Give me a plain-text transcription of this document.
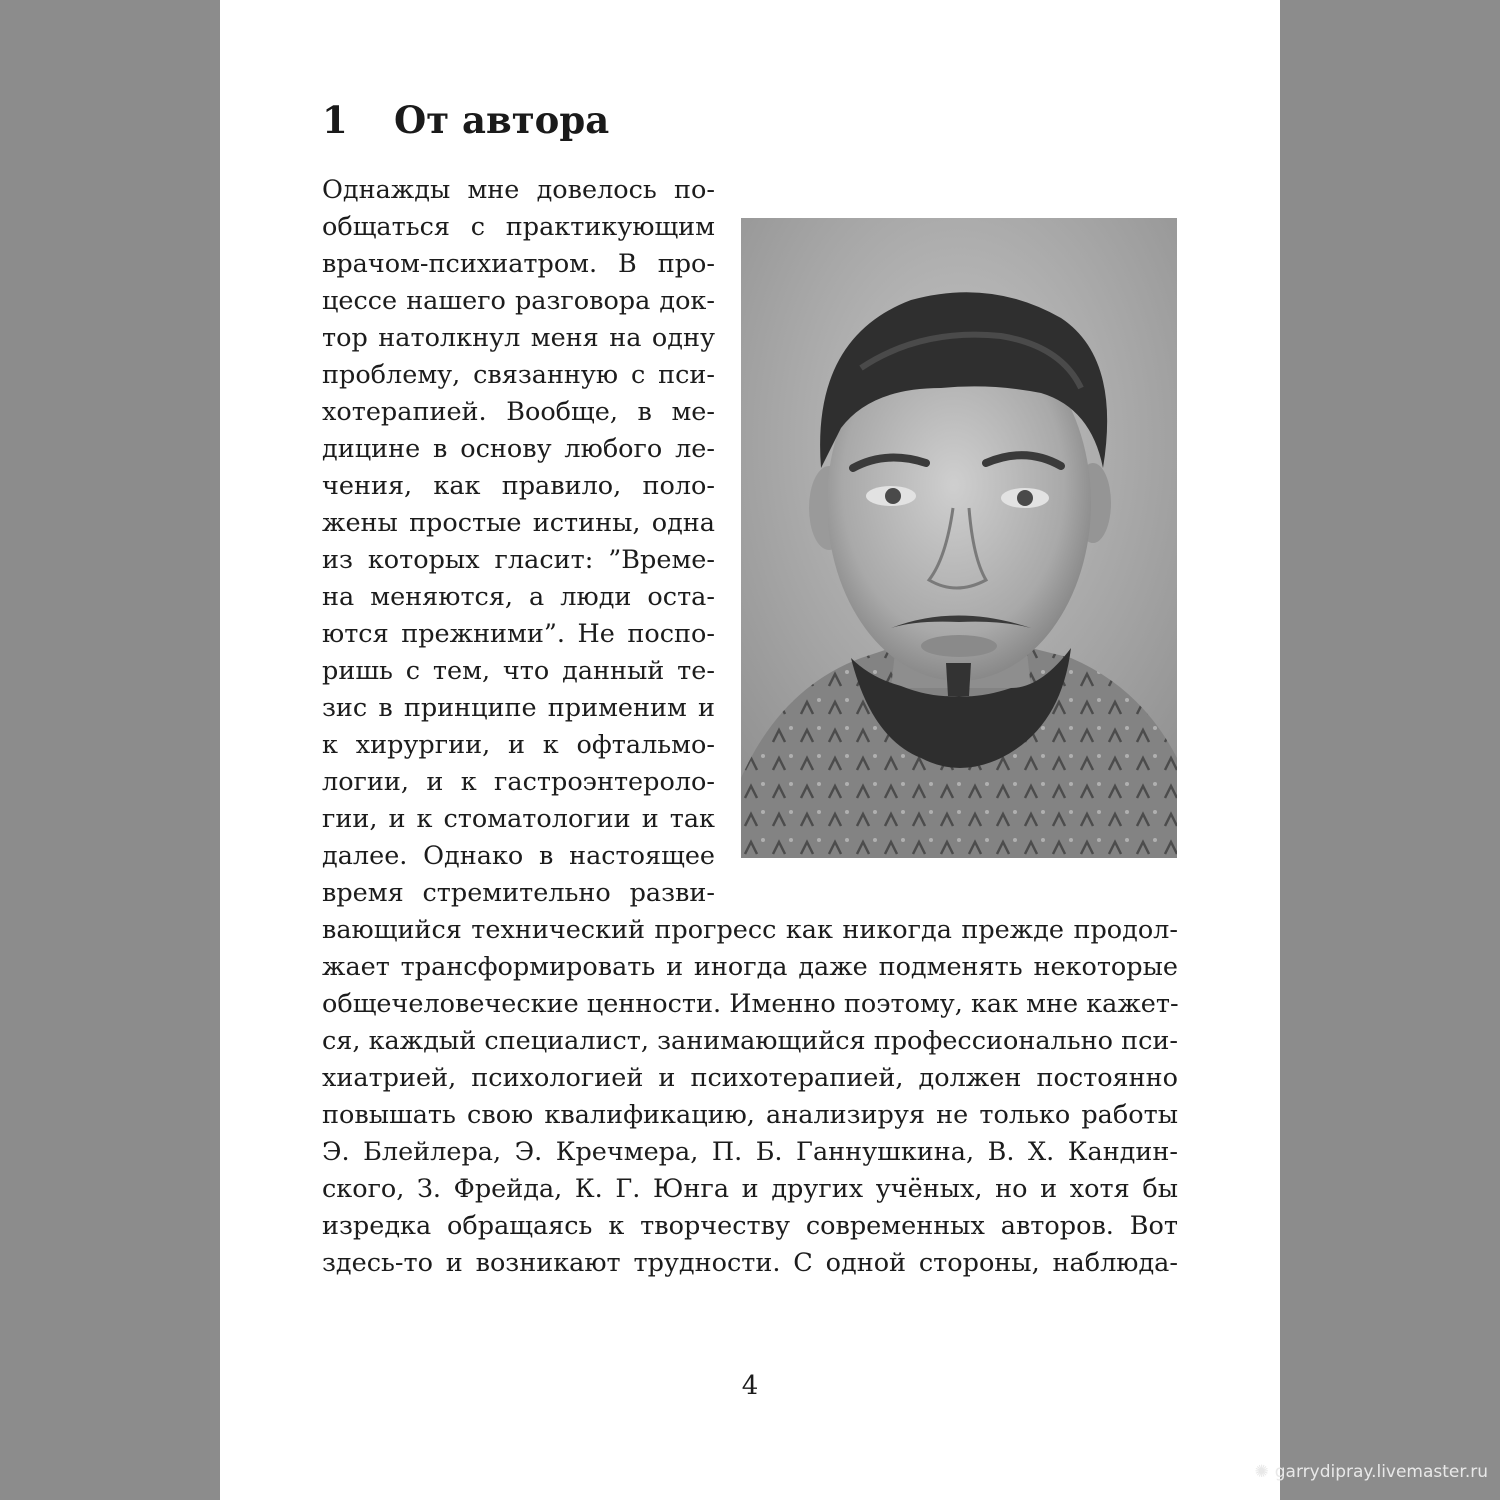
1 От автора
Однажды мне довелось по-
общаться с практикующим
врачом-психиатром. В про-
цессе нашего разговора док-
тор натолкнул меня на одну
проблему, связанную с пси-
хотерапией. Вообще, в ме-
дицине в основу любого ле-
чения, как правило, поло-
жены простые истины, одна
из которых гласит: ”Време-
на меняются, а люди оста-
ются прежними”. Не поспо-
ришь с тем, что данный те-
зис в принципе применим и
к хирургии, и к офтальмо-
логии, и к гастроэнтероло-
гии, и к стоматологии и так
далее. Однако в настоящее
время стремительно разви-
вающийся технический прогресс как никогда прежде продол-
жает трансформировать и иногда даже подменять некоторые
общечеловеческие ценности. Именно поэтому, как мне кажет-
ся, каждый специалист, занимающийся профессионально пси-
хиатрией, психологией и психотерапией, должен постоянно
повышать свою квалификацию, анализируя не только работы
Э. Блейлера, Э. Кречмера, П. Б. Ганнушкина, В. Х. Кандин-
ского, З. Фрейда, К. Г. Юнга и других учёных, но и хотя бы
изредка обращаясь к творчеству современных авторов. Вот
здесь-то и возникают трудности. С одной стороны, наблюда-
4
✺ garrydipray.livemaster.ru
